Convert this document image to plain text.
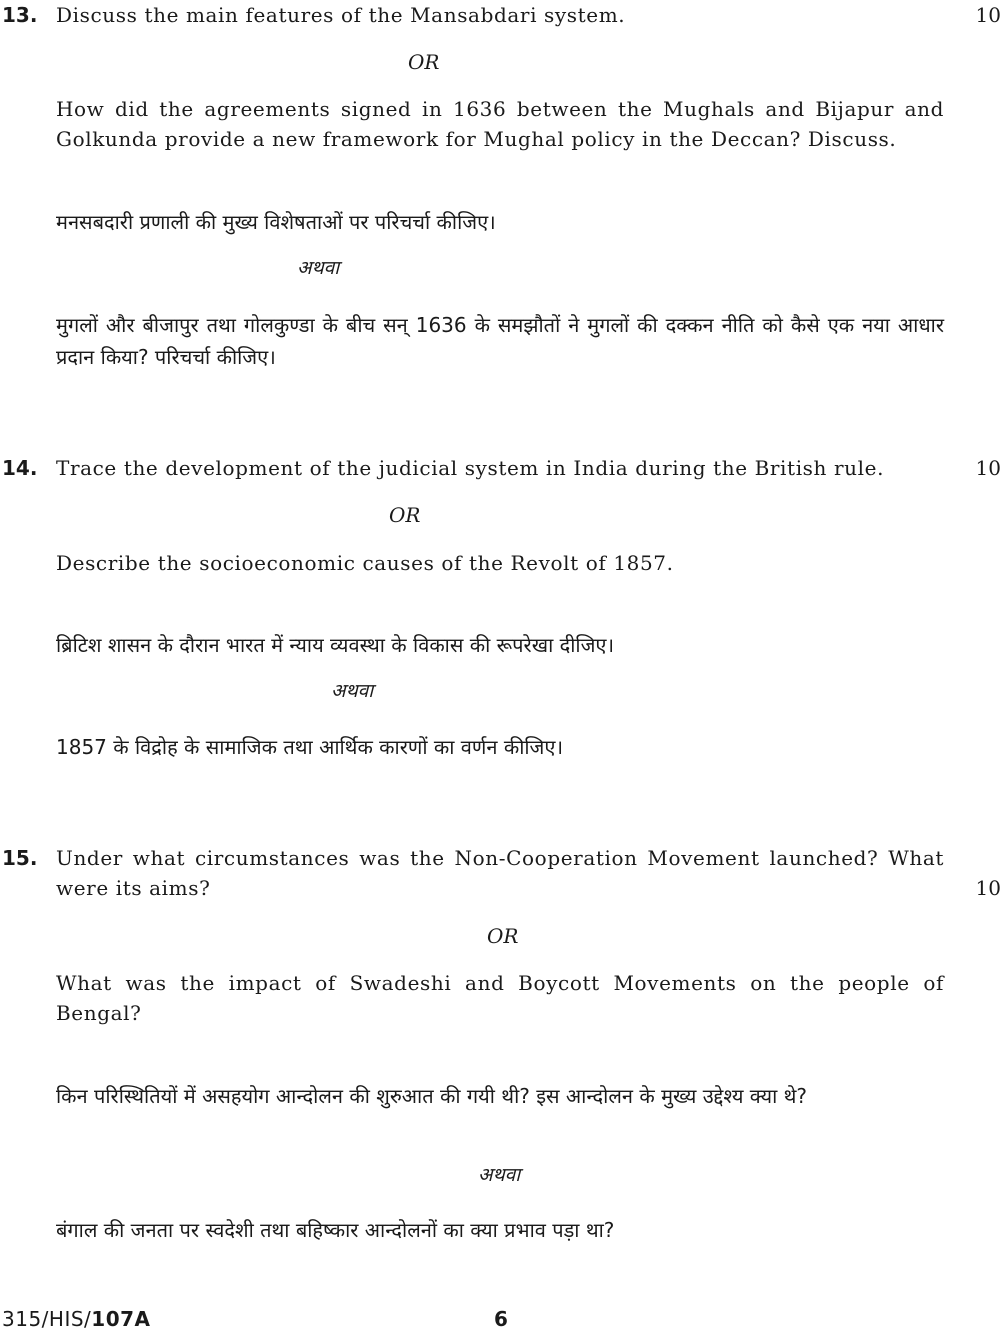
13. Discuss the main features of the Mansabdari system.	10
OR
How did the agreements signed in 1636 between the Mughals and Bijapur and Golkunda provide a new framework for Mughal policy in the Deccan? Discuss.
मनसबदारी प्रणाली की मुख्य विशेषताओं पर परिचर्चा कीजिए।
अथवा
मुगलों और बीजापुर तथा गोलकुण्डा के बीच सन् 1636 के समझौतों ने मुगलों की दक्कन नीति को कैसे एक नया आधार प्रदान किया? परिचर्चा कीजिए।
14. Trace the development of the judicial system in India during the British rule.	10
OR
Describe the socioeconomic causes of the Revolt of 1857.
ब्रिटिश शासन के दौरान भारत में न्याय व्यवस्था के विकास की रूपरेखा दीजिए।
अथवा
1857 के विद्रोह के सामाजिक तथा आर्थिक कारणों का वर्णन कीजिए।
15. Under what circumstances was the Non-Cooperation Movement launched? What were its aims?	10
OR
What was the impact of Swadeshi and Boycott Movements on the people of Bengal?
किन परिस्थितियों में असहयोग आन्दोलन की शुरुआत की गयी थी? इस आन्दोलन के मुख्य उद्देश्य क्या थे?
अथवा
बंगाल की जनता पर स्वदेशी तथा बहिष्कार आन्दोलनों का क्या प्रभाव पड़ा था?
315/HIS/107A	6
